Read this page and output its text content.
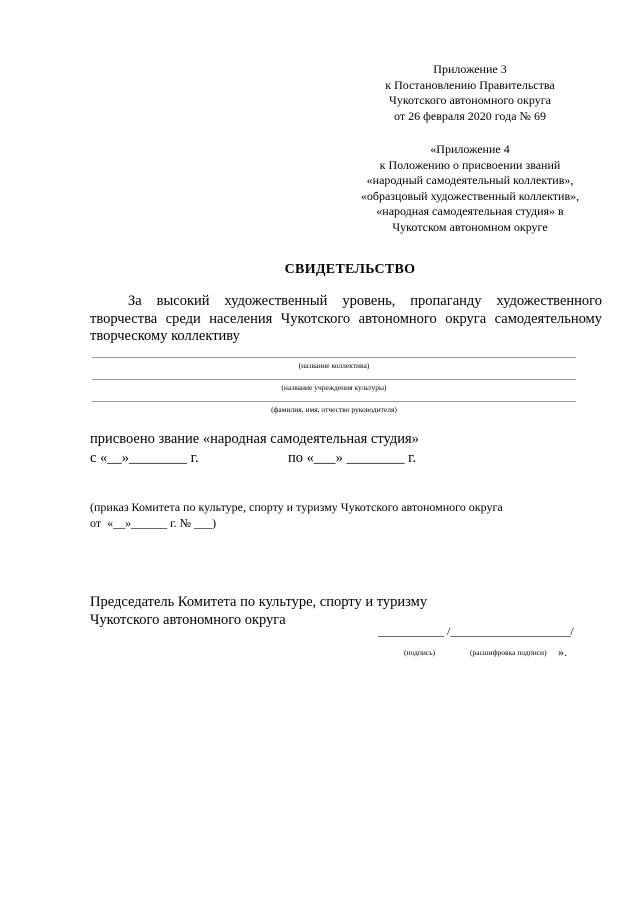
Приложение 3
к Постановлению Правительства
Чукотского автономного округа
от 26 февраля 2020 года № 69
«Приложение 4
к Положению о присвоении званий
«народный самодеятельный коллектив»,
«образцовый художественный коллектив»,
«народная самодеятельная студия» в
Чукотском автономном округе
СВИДЕТЕЛЬСТВО
За высокий художественный уровень, пропаганду художественного
творчества среди населения Чукотского автономного округа самодеятельному
творческому коллективу
(название коллектива)
(название учреждения культуры)
(фамилия, имя, отчество руководителя)
присвоено звание «народная самодеятельная студия»
с «__»________ г.	по «___» ________ г.
(приказ Комитета по культуре, спорту и туризму Чукотского автономного округа
от  «__»______ г. № ___)
Председатель Комитета по культуре, спорту и туризму
Чукотского автономного округа
___________ /____________________/
(подпись)	(расшифровка подписи) ».
